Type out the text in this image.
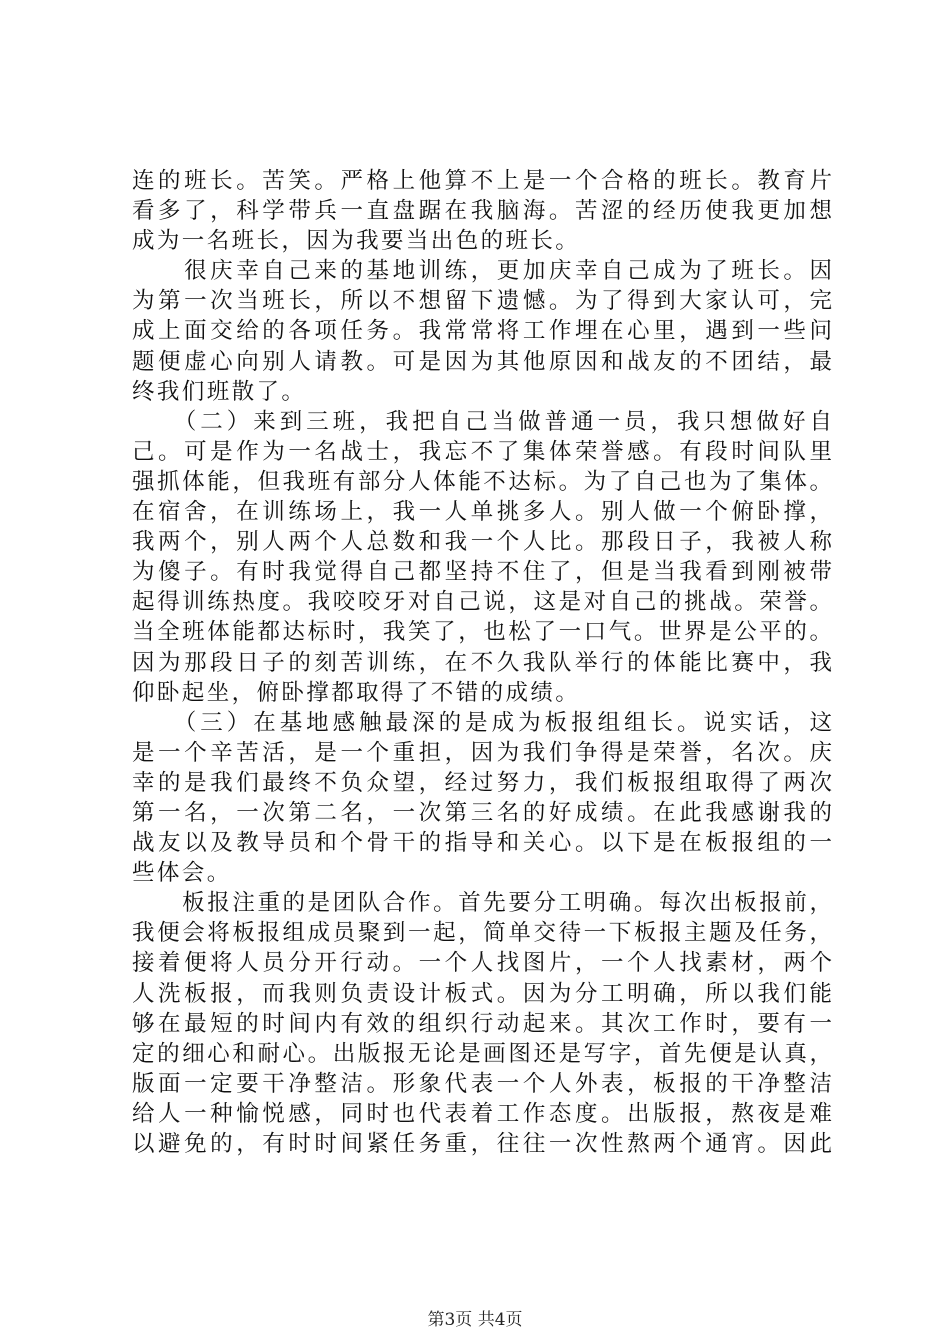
连的班长。苦笑。严格上他算不上是一个合格的班长。教育片
看多了，科学带兵一直盘踞在我脑海。苦涩的经历使我更加想
成为一名班长，因为我要当出色的班长。
　　很庆幸自己来的基地训练，更加庆幸自己成为了班长。因
为第一次当班长，所以不想留下遗憾。为了得到大家认可，完
成上面交给的各项任务。我常常将工作埋在心里，遇到一些问
题便虚心向别人请教。可是因为其他原因和战友的不团结，最
终我们班散了。
　　（二）来到三班，我把自己当做普通一员，我只想做好自
己。可是作为一名战士，我忘不了集体荣誉感。有段时间队里
强抓体能，但我班有部分人体能不达标。为了自己也为了集体。
在宿舍，在训练场上，我一人单挑多人。别人做一个俯卧撑，
我两个，别人两个人总数和我一个人比。那段日子，我被人称
为傻子。有时我觉得自己都坚持不住了，但是当我看到刚被带
起得训练热度。我咬咬牙对自己说，这是对自己的挑战。荣誉。
当全班体能都达标时，我笑了，也松了一口气。世界是公平的。
因为那段日子的刻苦训练，在不久我队举行的体能比赛中，我
仰卧起坐，俯卧撑都取得了不错的成绩。
　　（三）在基地感触最深的是成为板报组组长。说实话，这
是一个辛苦活，是一个重担，因为我们争得是荣誉，名次。庆
幸的是我们最终不负众望，经过努力，我们板报组取得了两次
第一名，一次第二名，一次第三名的好成绩。在此我感谢我的
战友以及教导员和个骨干的指导和关心。以下是在板报组的一
些体会。
　　板报注重的是团队合作。首先要分工明确。每次出板报前，
我便会将板报组成员聚到一起，简单交待一下板报主题及任务，
接着便将人员分开行动。一个人找图片，一个人找素材，两个
人洗板报，而我则负责设计板式。因为分工明确，所以我们能
够在最短的时间内有效的组织行动起来。其次工作时，要有一
定的细心和耐心。出版报无论是画图还是写字，首先便是认真，
版面一定要干净整洁。形象代表一个人外表，板报的干净整洁
给人一种愉悦感，同时也代表着工作态度。出版报，熬夜是难
以避免的，有时时间紧任务重，往往一次性熬两个通宵。因此
第3页 共4页
